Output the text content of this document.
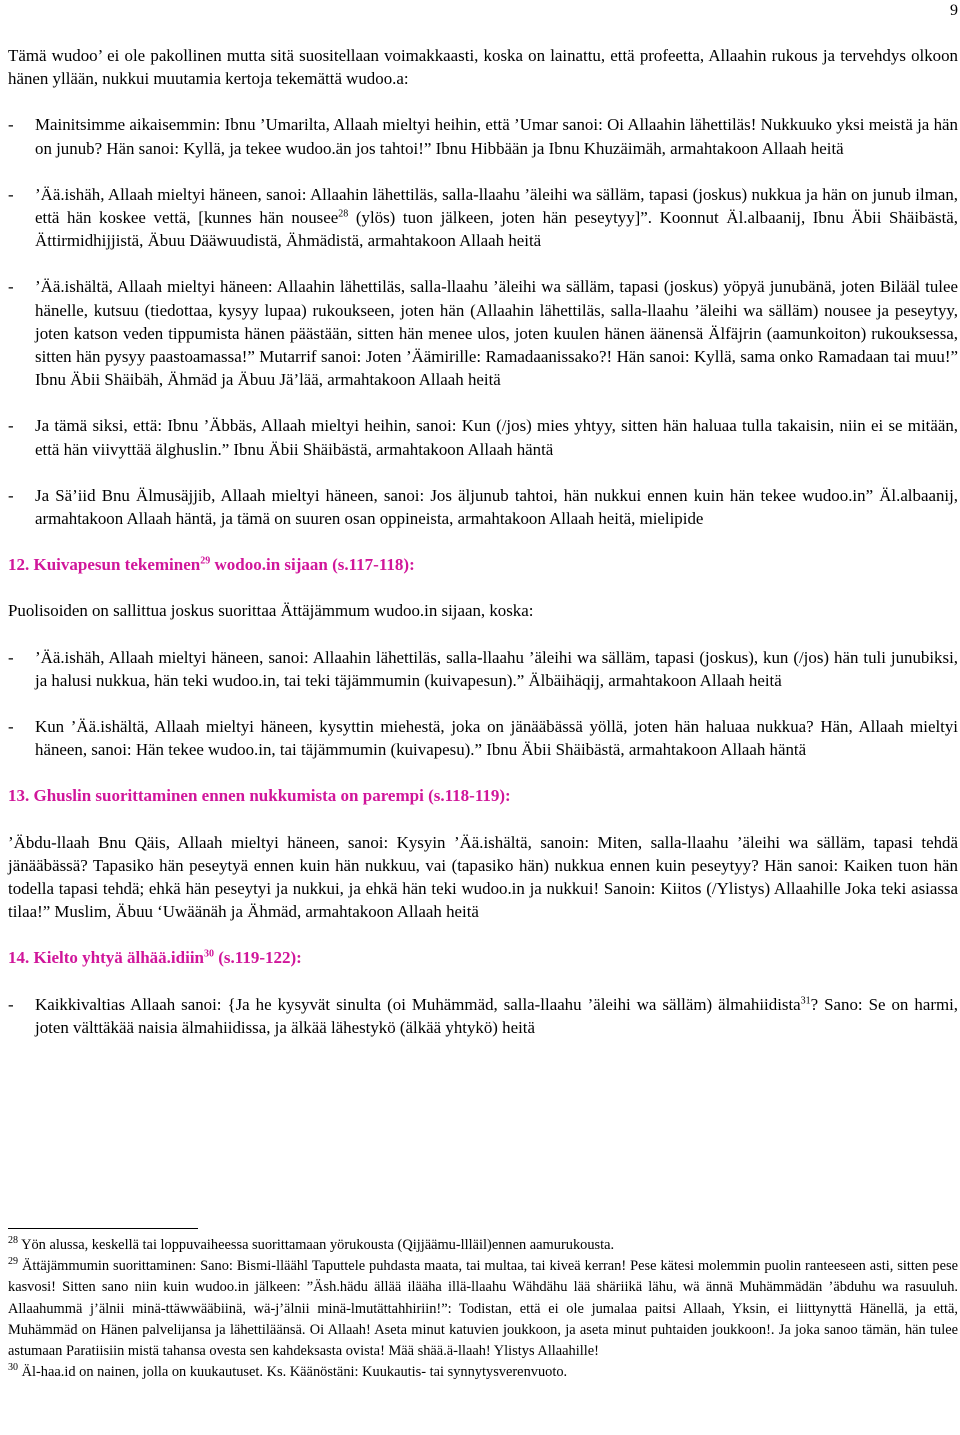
9

Tämä wudoo’ ei ole pakollinen mutta sitä suositellaan voimakkaasti, koska on lainattu, että profeetta, Allaahin rukous ja tervehdys olkoon hänen yllään, nukkui muutamia kertoja tekemättä wudoo.a:

-	Mainitsimme aikaisemmin: Ibnu ’Umarilta, Allaah mieltyi heihin, että ’Umar sanoi: Oi Allaahin lähettiläs! Nukkuuko yksi meistä ja hän on junub? Hän sanoi: Kyllä, ja tekee wudoo.än jos tahtoi!” Ibnu Hibbään ja Ibnu Khuzäimäh, armahtakoon Allaah heitä
-	’Ää.ishäh, Allaah mieltyi häneen, sanoi: Allaahin lähettiläs, salla-llaahu ’äleihi wa sälläm, tapasi (joskus) nukkua ja hän on junub ilman, että hän koskee vettä, [kunnes hän nousee$^{28}$ (ylös) tuon jälkeen, joten hän peseytyy]”. Koonnut Äl.albaanij, Ibnu Äbii Shäibästä, Ättirmidhijjistä, Äbuu Dääwuudistä, Ähmädistä, armahtakoon Allaah heitä
-	’Ää.ishältä, Allaah mieltyi häneen: Allaahin lähettiläs, salla-llaahu ’äleihi wa sälläm, tapasi (joskus) yöpyä junubänä, joten Bilääl tulee hänelle, kutsuu (tiedottaa, kysyy lupaa) rukoukseen, joten hän (Allaahin lähettiläs, salla-llaahu ’äleihi wa sälläm) nousee ja peseytyy, joten katson veden tippumista hänen päästään, sitten hän menee ulos, joten kuulen hänen äänensä Älfäjrin (aamunkoiton) rukouksessa, sitten hän pysyy paastoamassa!” Mutarrif sanoi: Joten ’Äämirille: Ramadaanissako?! Hän sanoi: Kyllä, sama onko Ramadaan tai muu!” Ibnu Äbii Shäibäh, Ähmäd ja Äbuu Jä’lää, armahtakoon Allaah heitä
-	Ja tämä siksi, että: Ibnu ’Äbbäs, Allaah mieltyi heihin, sanoi: Kun (/jos) mies yhtyy, sitten hän haluaa tulla takaisin, niin ei se mitään, että hän viivyttää älghuslin.” Ibnu Äbii Shäibästä, armahtakoon Allaah häntä
-	Ja Sä’iid Bnu Älmusäjjib, Allaah mieltyi häneen, sanoi: Jos äljunub tahtoi, hän nukkui ennen kuin hän tekee wudoo.in” Äl.albaanij, armahtakoon Allaah häntä, ja tämä on suuren osan oppineista, armahtakoon Allaah heitä, mielipide

12. Kuivapesun tekeminen$^{29}$ wodoo.in sijaan (s.117-118):

Puolisoiden on sallittua joskus suorittaa Ättäjämmum wudoo.in sijaan, koska:

-	’Ää.ishäh, Allaah mieltyi häneen, sanoi: Allaahin lähettiläs, salla-llaahu ’äleihi wa sälläm, tapasi (joskus), kun (/jos) hän tuli junubiksi, ja halusi nukkua, hän teki wudoo.in, tai teki täjämmumin (kuivapesun).” Älbäihäqij, armahtakoon Allaah heitä
-	Kun ’Ää.ishältä, Allaah mieltyi häneen, kysyttin miehestä, joka on jänääbässä yöllä, joten hän haluaa nukkua? Hän, Allaah mieltyi häneen, sanoi: Hän tekee wudoo.in, tai täjämmumin (kuivapesu).” Ibnu Äbii Shäibästä, armahtakoon Allaah häntä

13. Ghuslin suorittaminen ennen nukkumista on parempi (s.118-119):

’Äbdu-llaah Bnu Qäis, Allaah mieltyi häneen, sanoi: Kysyin ’Ää.ishältä, sanoin: Miten, salla-llaahu ’äleihi wa sälläm, tapasi tehdä jänääbässä? Tapasiko hän peseytyä ennen kuin hän nukkuu, vai (tapasiko hän) nukkua ennen kuin peseytyy? Hän sanoi: Kaiken tuon hän todella tapasi tehdä; ehkä hän peseytyi ja nukkui, ja ehkä hän teki wudoo.in ja nukkui! Sanoin: Kiitos (/Ylistys) Allaahille Joka teki asiassa tilaa!” Muslim, Äbuu ‘Uwäänäh ja Ähmäd, armahtakoon Allaah heitä

14. Kielto yhtyä älhää.idiin$^{30}$ (s.119-122):

-	Kaikkivaltias Allaah sanoi: {Ja he kysyvät sinulta (oi Muhämmäd, salla-llaahu ’äleihi wa sälläm) älmahiidista$^{31}$? Sano: Se on harmi, joten välttäkää naisia älmahiidissa, ja älkää lähestykö (älkää yhtykö) heitä
$^{28}$ Yön alussa, keskellä tai loppuvaiheessa suorittamaan yörukousta (Qijjäämu-llläil)ennen aamurukousta.
$^{29}$ Ättäjämmumin suorittaminen: Sano: Bismi-lläähl Taputtele puhdasta maata, tai multaa, tai kiveä kerran! Pese kätesi molemmin puolin ranteeseen asti, sitten pese kasvosi! Sitten sano niin kuin wudoo.in jälkeen: ”Äsh.hädu ällää ilääha illä-llaahu Wähdähu lää shäriikä lähu, wä ännä Muhämmädän ’äbduhu wa rasuuluh. Allaahummä j’älnii minä-ttäwwääbiinä, wä-j’älnii minä-lmutättahhiriin!”: Todistan, että ei ole jumalaa paitsi Allaah, Yksin, ei liittynyttä Hänellä, ja että, Muhämmäd on Hänen palvelijansa ja lähettiläänsä. Oi Allaah! Aseta minut katuvien joukkoon, ja aseta minut puhtaiden joukkoon!. Ja joka sanoo tämän, hän tulee astumaan Paratiisiin mistä tahansa ovesta sen kahdeksasta ovista! Mää shää.ä-llaah! Ylistys Allaahille!
$^{30}$ Äl-haa.id on nainen, jolla on kuukautuset. Ks. Käänöstäni: Kuukautis- tai synnytysverenvuoto.
